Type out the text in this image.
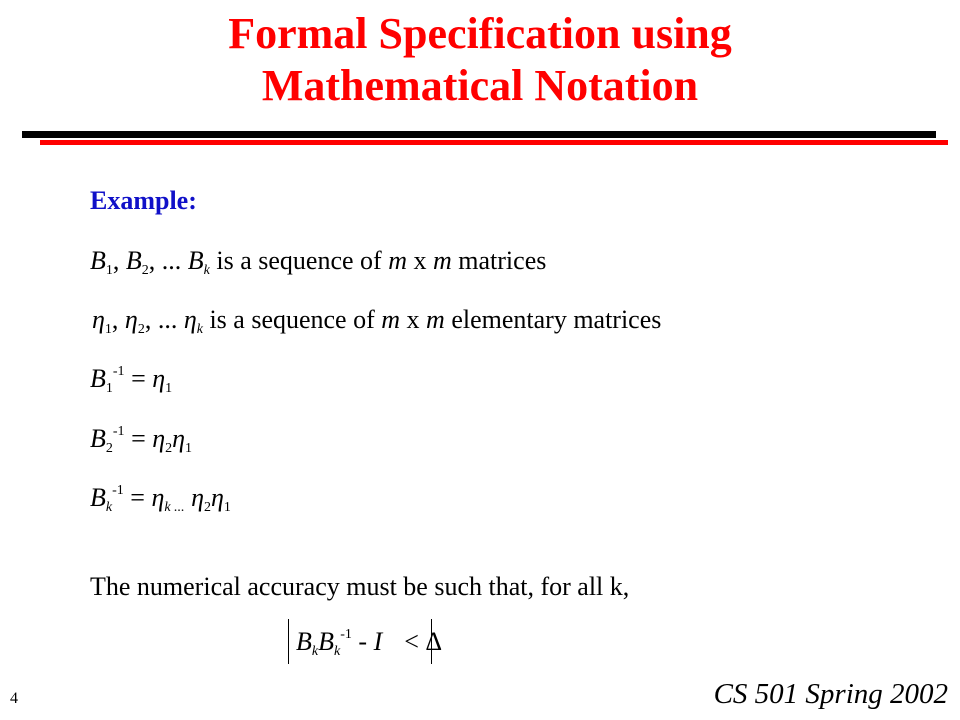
Formal Specification using
Mathematical Notation
Example:
$B_1$, $B_2$, ... $B_k$ is a sequence of m x m matrices
$\eta_1$, $\eta_2$, ... $\eta_k$ is a sequence of m x m elementary matrices
$B_1^{-1} = \eta_1$
$B_2^{-1} = \eta_2\eta_1$
$B_k^{-1} = \eta_{k ...}$ $\eta_2\eta_1$
The numerical accuracy must be such that, for all k,
$B_kB_k^{-1} - I < \Delta$
4	CS 501 Spring 2002
